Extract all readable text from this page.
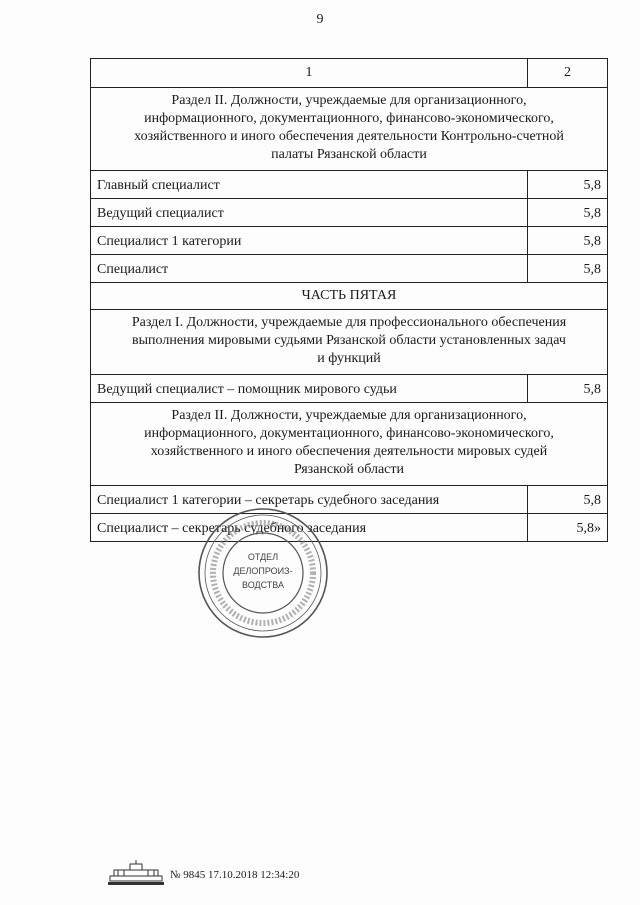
9
1	2
Раздел II. Должности, учреждаемые для организационного, информационного, документационного, финансово-экономического, хозяйственного и иного обеспечения деятельности Контрольно-счетной палаты Рязанской области	
Главный специалист	5,8
Ведущий специалист	5,8
Специалист 1 категории	5,8
Специалист	5,8
ЧАСТЬ ПЯТАЯ	
Раздел I. Должности, учреждаемые для профессионального обеспечения выполнения мировыми судьями Рязанской области установленных задач и функций	
Ведущий специалист – помощник мирового судьи	5,8
Раздел II. Должности, учреждаемые для организационного, информационного, документационного, финансово-экономического, хозяйственного и иного обеспечения деятельности мировых судей Рязанской области	
Специалист 1 категории – секретарь судебного заседания	5,8
Специалист – секретарь судебного заседания	5,8»
ОТДЕЛ
ДЕЛОПРОИЗ-
ВОДСТВА
№ 9845 17.10.2018 12:34:20
